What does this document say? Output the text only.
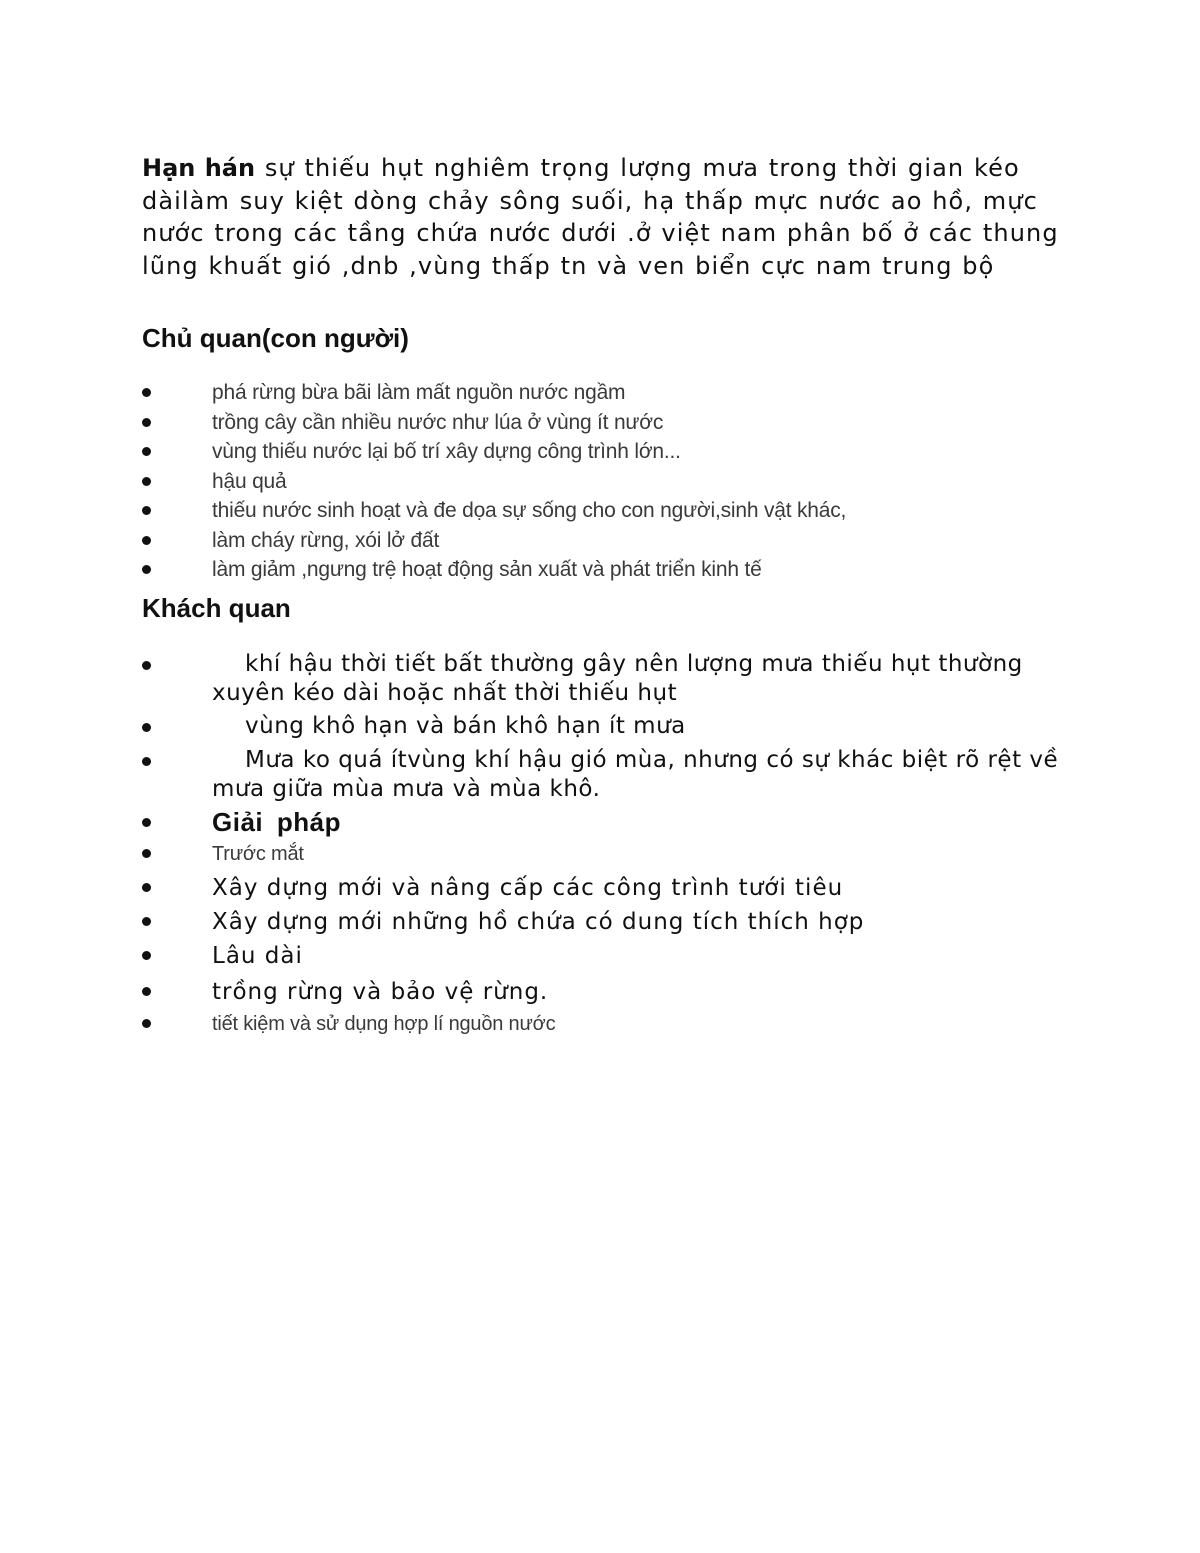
Hạn hán sự thiếu hụt nghiêm trọng lượng mưa trong thời gian kéo dàilàm suy kiệt dòng chảy sông suối, hạ thấp mực nước ao hồ, mực nước trong các tầng chứa nước dưới .ở việt nam phân bố ở các thung lũng khuất gió ,dnb ,vùng thấp tn và ven biển cực nam trung bộ

Chủ quan(con người)
phá rừng bừa bãi làm mất nguồn nước ngầm
trồng cây cần nhiều nước như lúa ở vùng ít nước
vùng thiếu nước lại bố trí xây dựng công trình lớn...
hậu quả
thiếu nước sinh hoạt và đe dọa sự sống cho con người,sinh vật khác,
làm cháy rừng, xói lở đất
làm giảm ,ngưng trệ hoạt động sản xuất và phát triển kinh tế
Khách quan
khí hậu thời tiết bất thường gây nên lượng mưa thiếu hụt thường xuyên kéo dài hoặc nhất thời thiếu hụt
vùng khô hạn và bán khô hạn ít mưa
Mưa ko quá ítvùng khí hậu gió mùa, nhưng có sự khác biệt rõ rệt về mưa giữa mùa mưa và mùa khô.
Giải pháp
Trước mắt
Xây dựng mới và nâng cấp các công trình tưới tiêu
Xây dựng mới những hồ chứa có dung tích thích hợp
Lâu dài
trồng rừng và bảo vệ rừng.
tiết kiệm và sử dụng hợp lí nguồn nước
